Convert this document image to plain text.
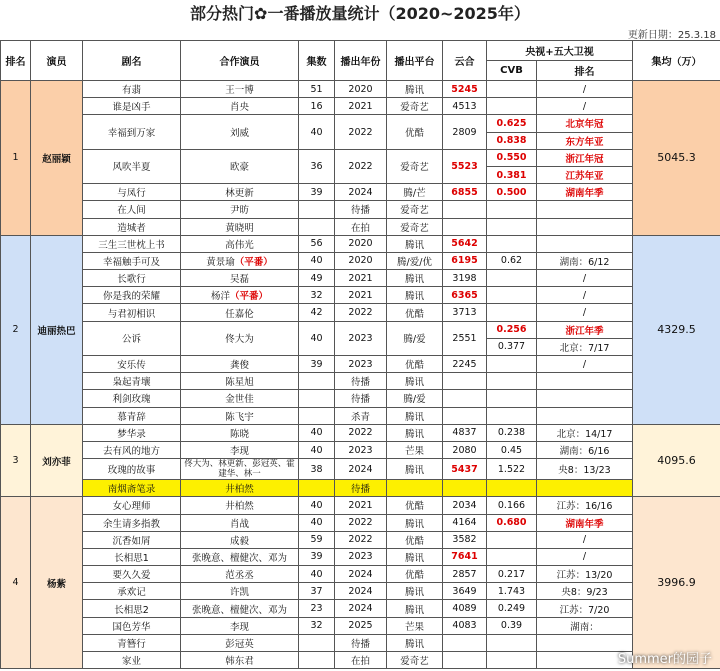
部分热门✿一番播放量统计（2020~2025年）
更新日期：25.3.18
排名	演员	剧名	合作演员	集数	播出年份	播出平台	云合	央视+五大卫视		集均（万）
								CVB	排名	
1	赵丽颖	有翡	王一博	51	2020	腾讯	5245		/	5045.3
		谁是凶手	肖央	16	2021	爱奇艺	4513		/	
		幸福到万家	刘威	40	2022	优酷	2809	0.625	北京年冠	
								0.838	东方年亚	
		风吹半夏	欧豪	36	2022	爱奇艺	5523	0.550	浙江年冠	
								0.381	江苏年亚	
		与凤行	林更新	39	2024	腾/芒	6855	0.500	湖南年季	
		在人间	尹昉		待播	爱奇艺				
		造城者	黄晓明		在拍	爱奇艺				
2	迪丽热巴	三生三世枕上书	高伟光	56	2020	腾讯	5642			4329.5
		幸福触手可及	黄景瑜（平番）	40	2020	腾/爱/优	6195	0.62	湖南：6/12	
		长歌行	吴磊	49	2021	腾讯	3198		/	
		你是我的荣耀	杨洋（平番）	32	2021	腾讯	6365		/	
		与君初相识	任嘉伦	42	2022	优酷	3713		/	
		公诉	佟大为	40	2023	腾/爱	2551	0.256	浙江年季	
								0.377	北京：7/17	
		安乐传	龚俊	39	2023	优酷	2245		/	
		枭起青壤	陈星旭		待播	腾讯				
		利剑玫瑰	金世佳		待播	腾/爱				
		慕青辞	陈飞宇		杀青	腾讯				
3	刘亦菲	梦华录	陈晓	40	2022	腾讯	4837	0.238	北京：14/17	4095.6
		去有风的地方	李现	40	2023	芒果	2080	0.45	湖南：6/16	
		玫瑰的故事	佟大为、林更新、彭冠英、霍建华、林一	38	2024	腾讯	5437	1.522	央8：13/23	
		南烟斋笔录	井柏然		待播					
4	杨紫	女心理师	井柏然	40	2021	优酷	2034	0.166	江苏：16/16	3996.9
		余生请多指教	肖战	40	2022	腾讯	4164	0.680	湖南年季	
		沉香如屑	成毅	59	2022	优酷	3582		/	
		长相思1	张晚意、檀健次、邓为	39	2023	腾讯	7641		/	
		要久久爱	范丞丞	40	2024	优酷	2857	0.217	江苏：13/20	
		承欢记	许凯	37	2024	腾讯	3649	1.743	央8：9/23	
		长相思2	张晚意、檀健次、邓为	23	2024	腾讯	4089	0.249	江苏：7/20	
		国色芳华	李现	32	2025	芒果	4083	0.39	湖南：	
		青簪行	彭冠英		待播	腾讯				
		家业	韩东君		在拍	爱奇艺					Summer的园子
